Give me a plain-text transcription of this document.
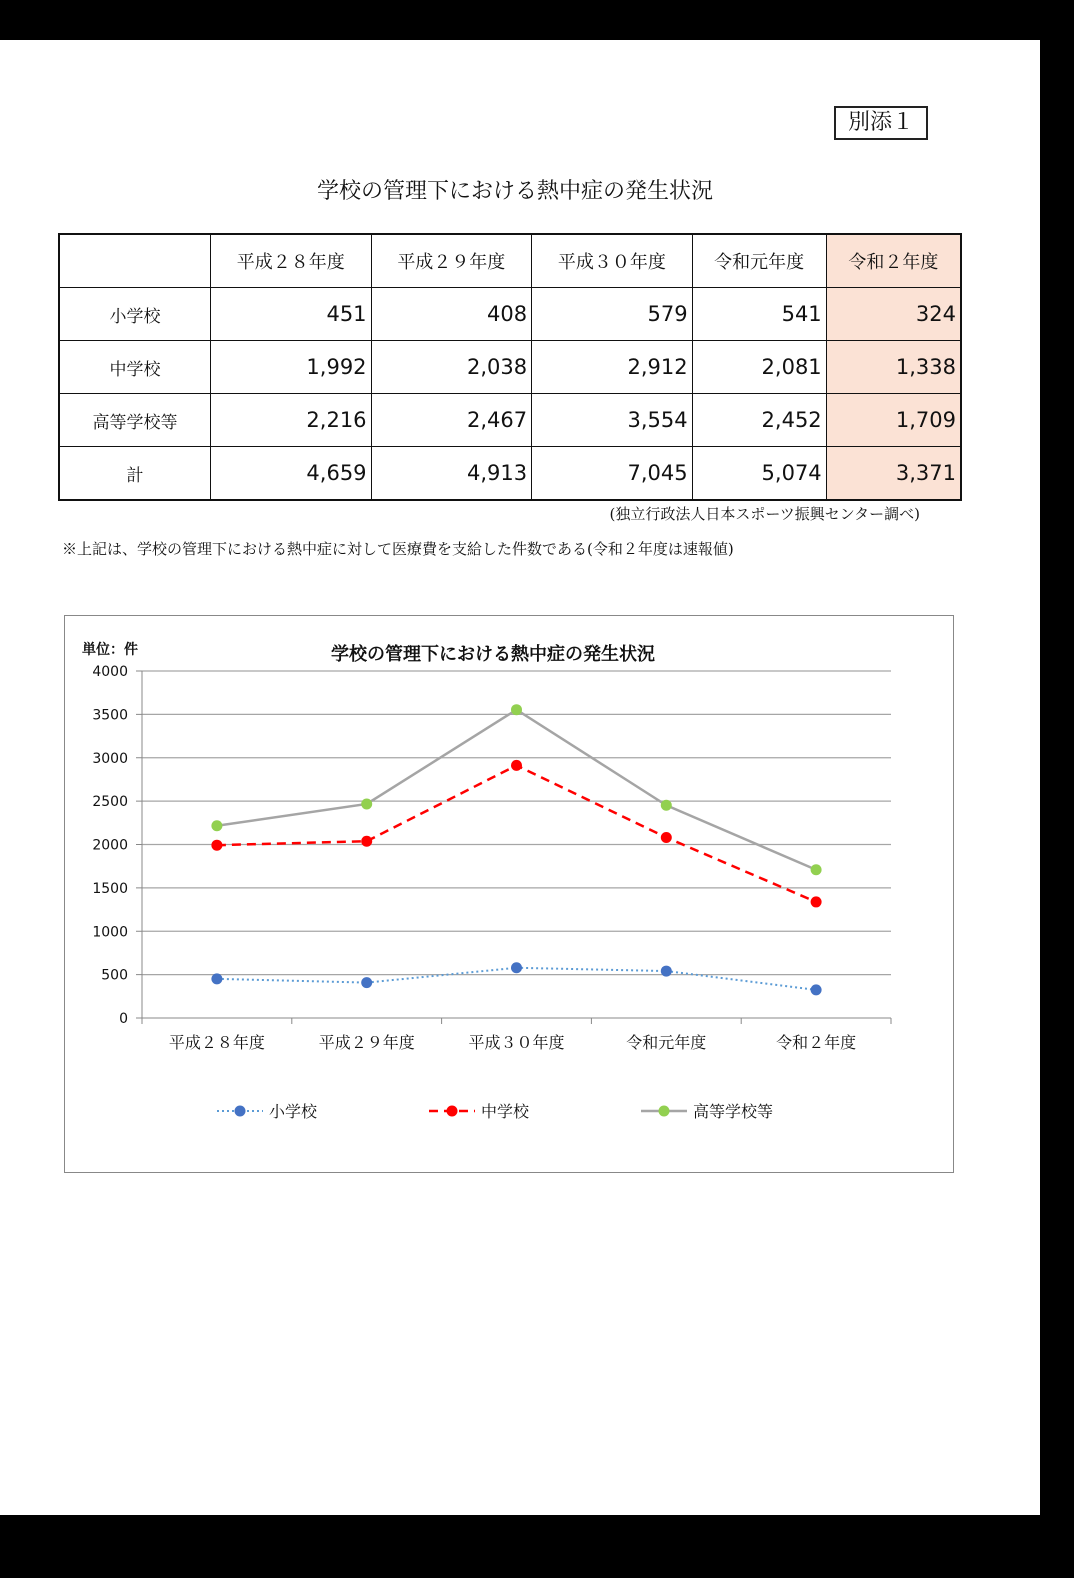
別添１
学校の管理下における熱中症の発生状況
	平成２８年度	平成２９年度	平成３０年度	令和元年度	令和２年度
小学校	451	408	579	541	324
中学校	1,992	2,038	2,912	2,081	1,338
高等学校等	2,216	2,467	3,554	2,452	1,709
計	4,659	4,913	7,045	5,074	3,371
(独立行政法人日本スポーツ振興センター調べ)
※上記は、学校の管理下における熱中症に対して医療費を支給した件数である(令和２年度は速報値)
学校の管理下における熱中症の発生状況
単位：件
0
500
1000
1500
2000
2500
3000
3500
4000
平成２８年度	平成２９年度	平成３０年度	令和元年度	令和２年度
小学校	中学校	高等学校等
